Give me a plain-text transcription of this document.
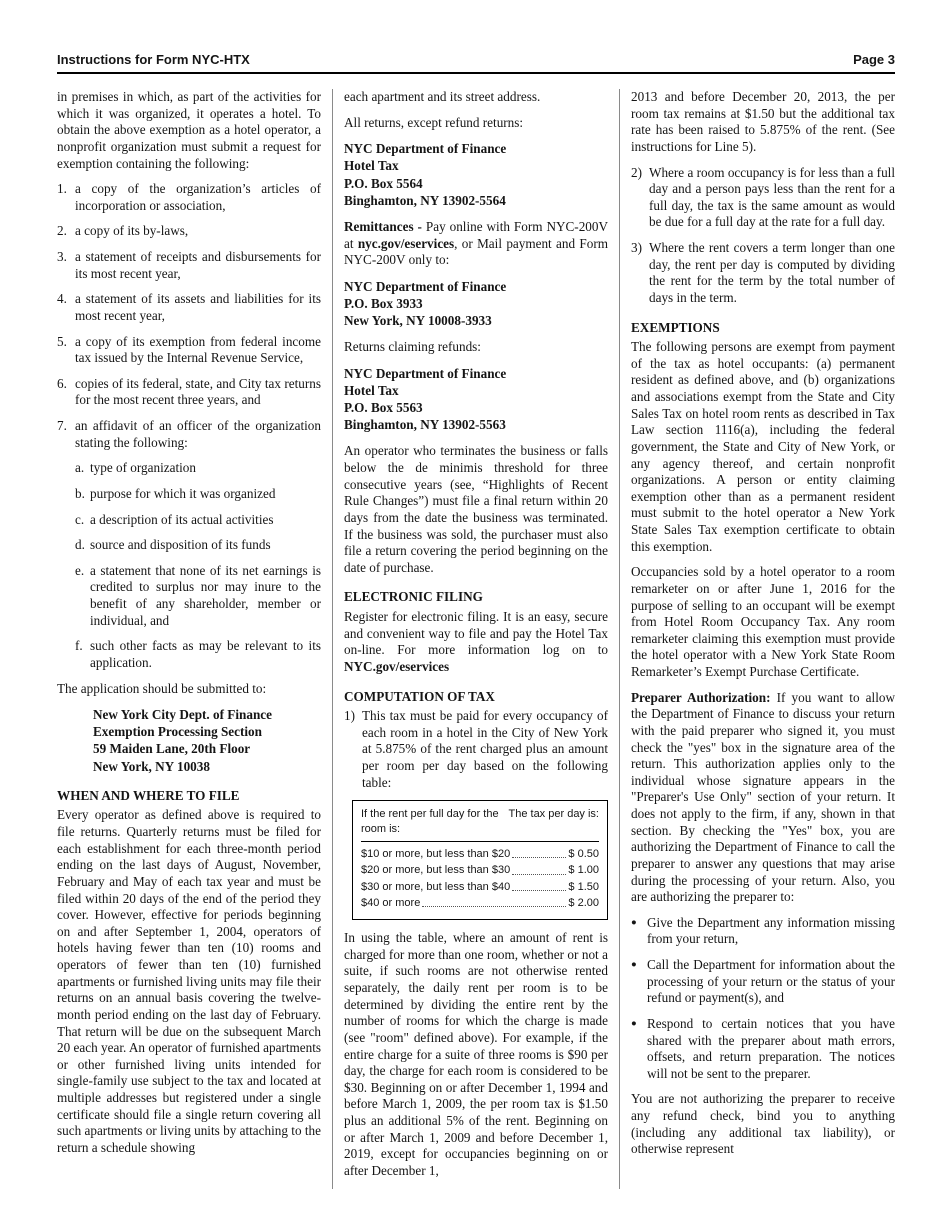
Instructions for Form NYC-HTX	Page 3

in premises in which, as part of the activities for which it was organized, it operates a hotel. To obtain the above exemption as a hotel operator, a nonprofit organization must submit a request for exemption containing the following:

1. a copy of the organization’s articles of incorporation or association,
2. a copy of its by-laws,
3. a statement of receipts and disbursements for its most recent year,
4. a statement of its assets and liabilities for its most recent year,
5. a copy of its exemption from federal income tax issued by the Internal Revenue Service,
6. copies of its federal, state, and City tax returns for the most recent three years, and
7. an affidavit of an officer of the organization stating the following:
a. type of organization
b. purpose for which it was organized
c. a description of its actual activities
d. source and disposition of its funds
e. a statement that none of its net earnings is credited to surplus nor may inure to the benefit of any shareholder, member or individual, and
f. such other facts as may be relevant to its application.

The application should be submitted to:

New York City Dept. of Finance
Exemption Processing Section
59 Maiden Lane, 20th Floor
New York, NY 10038
WHEN AND WHERE TO FILE

Every operator as defined above is required to file returns. Quarterly returns must be filed for each establishment for each three-month period ending on the last days of August, November, February and May of each tax year and must be filed within 20 days of the end of the period they cover. However, effective for periods beginning on and after September 1, 2004, operators of hotels having fewer than ten (10) rooms and operators of fewer than ten (10) furnished apartments or furnished living units may file their returns on an annual basis covering the twelve-month period ending on the last day of February. That return will be due on the subsequent March 20 each year. An operator of furnished apartments or other furnished living units intended for single-family use subject to the tax and located at multiple addresses but registered under a single certificate should file a single return covering all such apartments or living units by attaching to the return a schedule showing

each apartment and its street address.

All returns, except refund returns:

NYC Department of Finance
Hotel Tax
P.O. Box 5564
Binghamton, NY 13902-5564

Remittances - Pay online with Form NYC-200V at nyc.gov/eservices, or Mail payment and Form NYC-200V only to:

NYC Department of Finance
P.O. Box 3933
New York, NY 10008-3933

Returns claiming refunds:

NYC Department of Finance
Hotel Tax
P.O. Box 5563
Binghamton, NY 13902-5563

An operator who terminates the business or falls below the de minimis threshold for three consecutive years (see, “Highlights of Recent Rule Changes”) must file a final return within 20 days from the date the business was terminated. If the business was sold, the purchaser must also file a return covering the period beginning on the date of purchase.

ELECTRONIC FILING

Register for electronic filing. It is an easy, secure and convenient way to file and pay the Hotel Tax on-line. For more information log on to NYC.gov/eservices

COMPUTATION OF TAX
1) This tax must be paid for every occupancy of each room in a hotel in the City of New York at 5.875% of the rent charged plus an amount per room per day based on the following table:
If the rent per full day for the room is:
The tax per day is:
$10 or more, but less than $20	$ 0.50
$20 or more, but less than $30	$ 1.00
$30 or more, but less than $40	$ 1.50
$40 or more	$ 2.00

In using the table, where an amount of rent is charged for more than one room, whether or not a suite, if such rooms are not otherwise rented separately, the daily rent per room is to be determined by dividing the entire rent by the number of rooms for which the charge is made (see "room" defined above). For example, if the entire charge for a suite of three rooms is $90 per day, the charge for each room is considered to be $30. Beginning on or after December 1, 1994 and before March 1, 2009, the per room tax is $1.50 plus an additional 5% of the rent. Beginning on or after March 1, 2009 and before December 1, 2019, except for occupancies beginning on or after December 1,

2013 and before December 20, 2013, the per room tax remains at $1.50 but the additional tax rate has been raised to 5.875% of the rent. (See instructions for Line 5).

2) Where a room occupancy is for less than a full day and a person pays less than the rent for a full day, the tax is the same amount as would be due for a full day at the rate for a full day.
3) Where the rent covers a term longer than one day, the rent per day is computed by dividing the rent for the term by the total number of days in the term.
EXEMPTIONS

The following persons are exempt from payment of the tax as hotel occupants: (a) permanent resident as defined above, and (b) organizations and associations exempt from the State and City Sales Tax on hotel room rents as described in Tax Law section 1116(a), including the federal government, the State and City of New York, or any agency thereof, and certain nonprofit organizations. A person or entity claiming exemption other than as a permanent resident must submit to the hotel operator a New York State Sales Tax exemption certificate to obtain this exemption.

Occupancies sold by a hotel operator to a room remarketer on or after June 1, 2016 for the purpose of selling to an occupant will be exempt from Hotel Room Occupancy Tax. Any room remarketer claiming this exemption must provide the hotel operator with a New York State Room Remarketer’s Exempt Purchase Certificate.

Preparer Authorization: If you want to allow the Department of Finance to discuss your return with the paid preparer who signed it, you must check the "yes" box in the signature area of the return. This authorization applies only to the individual whose signature appears in the "Preparer's Use Only" section of your return. It does not apply to the firm, if any, shown in that section. By checking the "Yes" box, you are authorizing the Department of Finance to call the preparer to answer any questions that may arise during the processing of your return. Also, you are authorizing the preparer to:

● Give the Department any information missing from your return,
● Call the Department for information about the processing of your return or the status of your refund or payment(s), and
● Respond to certain notices that you have shared with the preparer about math errors, offsets, and return preparation. The notices will not be sent to the preparer.

You are not authorizing the preparer to receive any refund check, bind you to anything (including any additional tax liability), or otherwise represent
